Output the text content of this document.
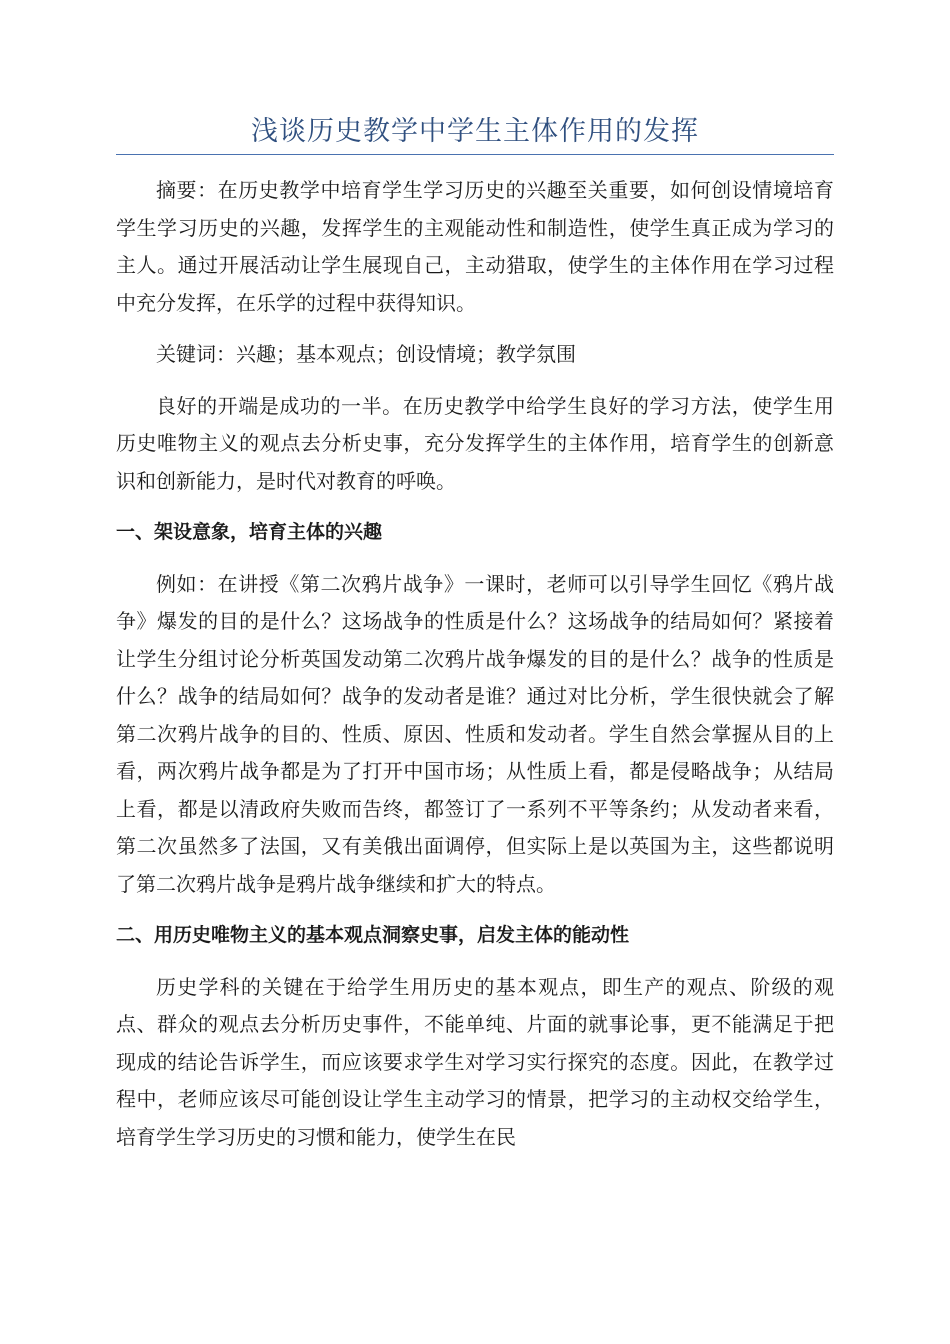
浅谈历史教学中学生主体作用的发挥

摘要：在历史教学中培育学生学习历史的兴趣至关重要，如何创设情境培育学生学习历史的兴趣，发挥学生的主观能动性和制造性，使学生真正成为学习的主人。通过开展活动让学生展现自己，主动猎取，使学生的主体作用在学习过程中充分发挥，在乐学的过程中获得知识。

关键词：兴趣；基本观点；创设情境；教学氛围

良好的开端是成功的一半。在历史教学中给学生良好的学习方法，使学生用历史唯物主义的观点去分析史事，充分发挥学生的主体作用，培育学生的创新意识和创新能力，是时代对教育的呼唤。

一、架设意象，培育主体的兴趣

例如：在讲授《第二次鸦片战争》一课时，老师可以引导学生回忆《鸦片战争》爆发的目的是什么？这场战争的性质是什么？这场战争的结局如何？紧接着让学生分组讨论分析英国发动第二次鸦片战争爆发的目的是什么？战争的性质是什么？战争的结局如何？战争的发动者是谁？通过对比分析，学生很快就会了解第二次鸦片战争的目的、性质、原因、性质和发动者。学生自然会掌握从目的上看，两次鸦片战争都是为了打开中国市场；从性质上看，都是侵略战争；从结局上看，都是以清政府失败而告终，都签订了一系列不平等条约；从发动者来看，第二次虽然多了法国，又有美俄出面调停，但实际上是以英国为主，这些都说明了第二次鸦片战争是鸦片战争继续和扩大的特点。

二、用历史唯物主义的基本观点洞察史事，启发主体的能动性

历史学科的关键在于给学生用历史的基本观点，即生产的观点、阶级的观点、群众的观点去分析历史事件，不能单纯、片面的就事论事，更不能满足于把现成的结论告诉学生，而应该要求学生对学习实行探究的态度。因此，在教学过程中，老师应该尽可能创设让学生主动学习的情景，把学习的主动权交给学生，培育学生学习历史的习惯和能力，使学生在民
